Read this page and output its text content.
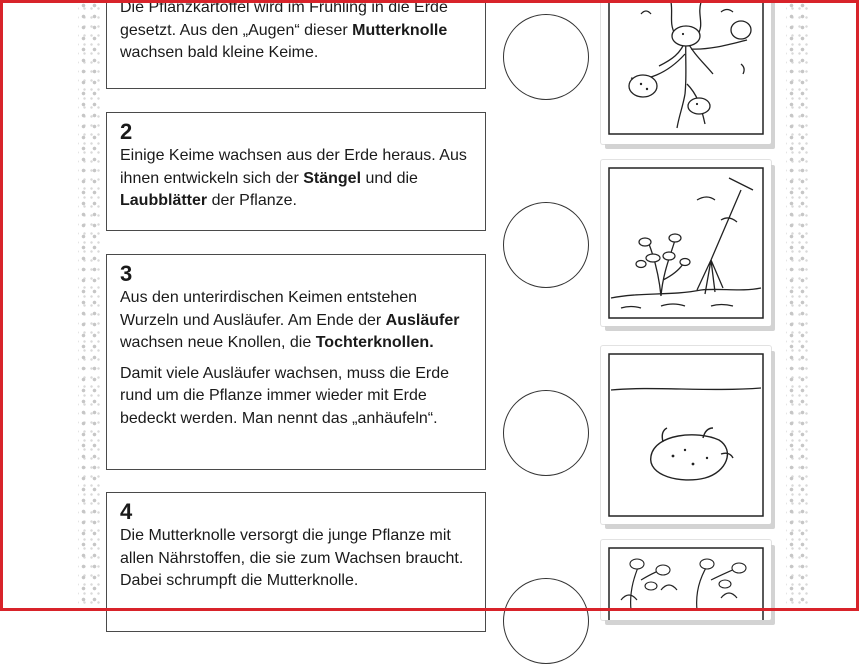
Die Pflanzkartoffel wird im Frühling in die Erde gesetzt. Aus den „Augen“ dieser Mutterknolle wachsen bald kleine Keime.

2

Einige Keime wachsen aus der Erde heraus. Aus ihnen entwickeln sich der Stängel und die Laubblätter der Pflanze.

3

Aus den unterirdischen Keimen entstehen Wurzeln und Ausläufer. Am Ende der Ausläufer wachsen neue Knollen, die Tochterknollen.

Damit viele Ausläufer wachsen, muss die Erde rund um die Pflanze immer wieder mit Erde bedeckt werden. Man nennt das „anhäufeln“.

4

Die Mutterknolle versorgt die junge Pflanze mit allen Nährstoffen, die sie zum Wachsen braucht. Dabei schrumpft die Mutterknolle.
